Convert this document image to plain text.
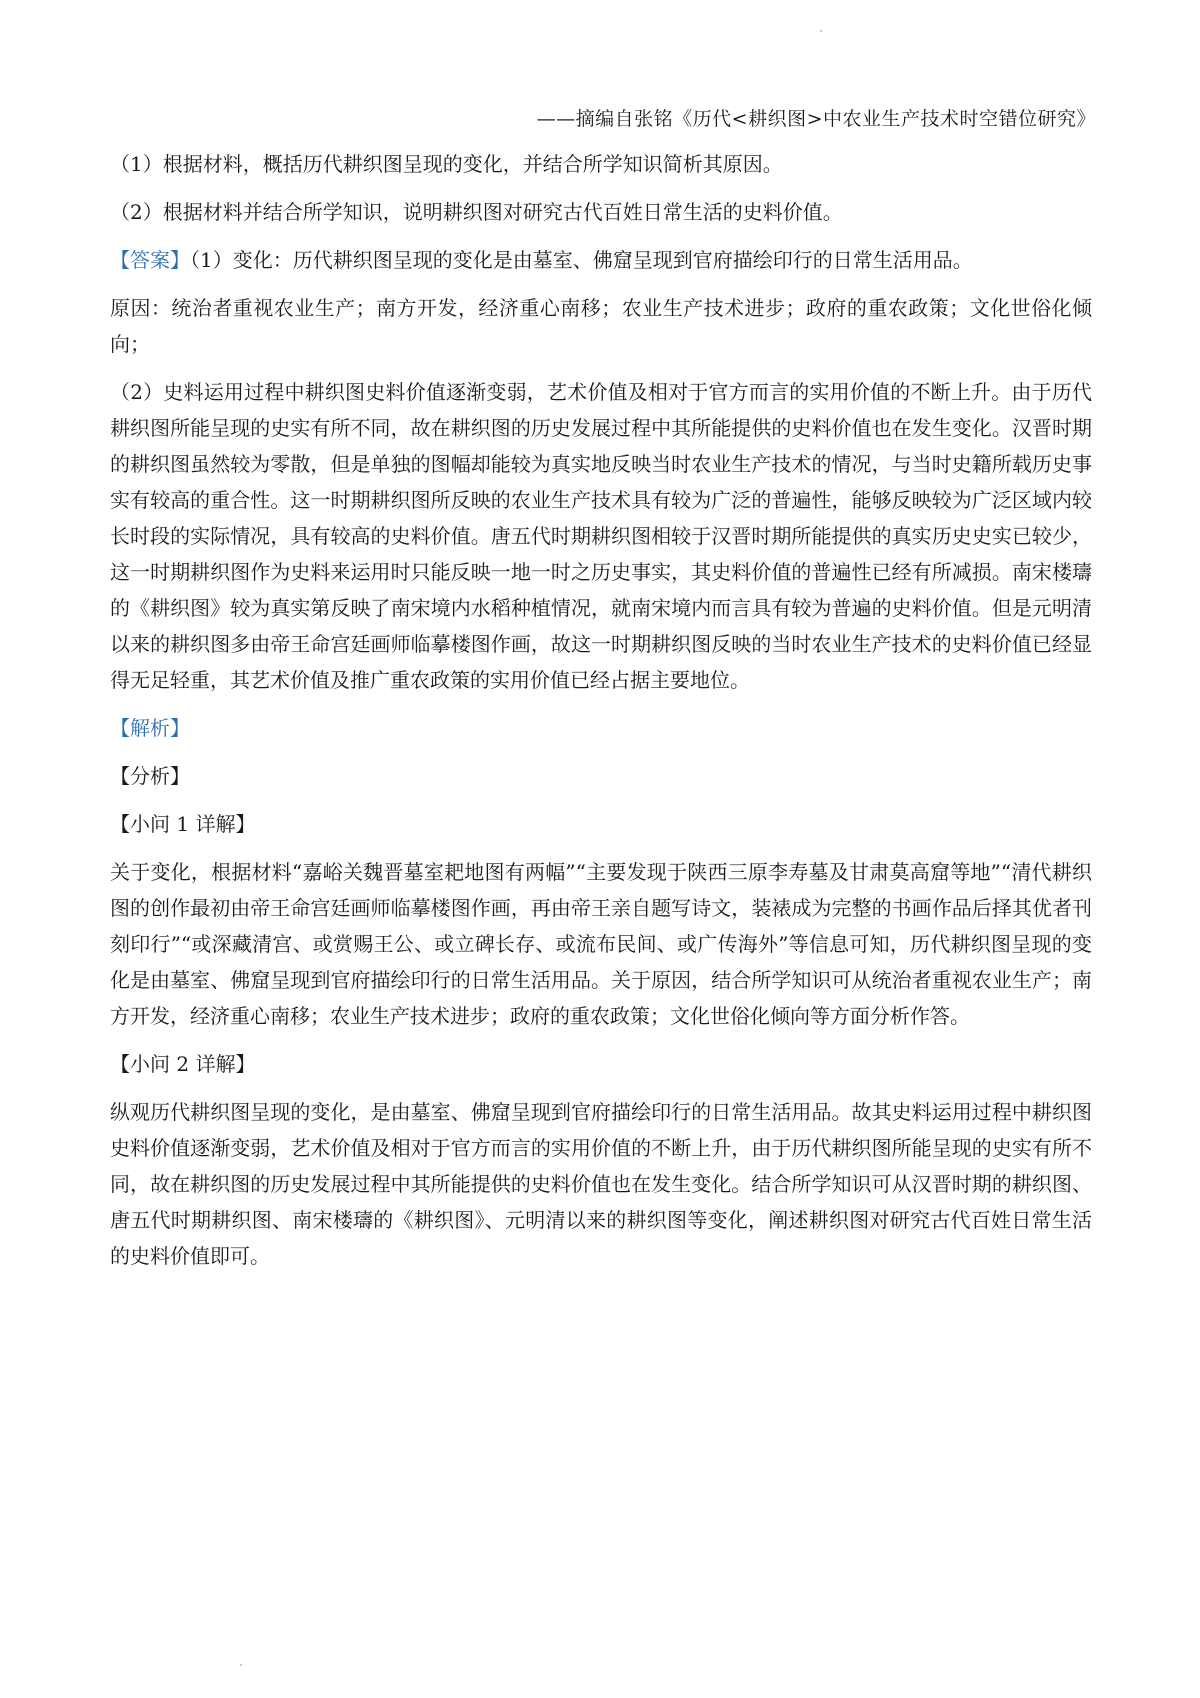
——摘编自张铭《历代<耕织图>中农业生产技术时空错位研究》

（1）根据材料，概括历代耕织图呈现的变化，并结合所学知识简析其原因。

（2）根据材料并结合所学知识，说明耕织图对研究古代百姓日常生活的史料价值。

【答案】（1）变化：历代耕织图呈现的变化是由墓室、佛窟呈现到官府描绘印行的日常生活用品。

原因：统治者重视农业生产；南方开发，经济重心南移；农业生产技术进步；政府的重农政策；文化世俗化倾向；

（2）史料运用过程中耕织图史料价值逐渐变弱，艺术价值及相对于官方而言的实用价值的不断上升。由于历代耕织图所能呈现的史实有所不同，故在耕织图的历史发展过程中其所能提供的史料价值也在发生变化。汉晋时期的耕织图虽然较为零散，但是单独的图幅却能较为真实地反映当时农业生产技术的情况，与当时史籍所载历史事实有较高的重合性。这一时期耕织图所反映的农业生产技术具有较为广泛的普遍性，能够反映较为广泛区域内较长时段的实际情况，具有较高的史料价值。唐五代时期耕织图相较于汉晋时期所能提供的真实历史史实已较少，这一时期耕织图作为史料来运用时只能反映一地一时之历史事实，其史料价值的普遍性已经有所减损。南宋楼璹的《耕织图》较为真实第反映了南宋境内水稻种植情况，就南宋境内而言具有较为普遍的史料价值。但是元明清以来的耕织图多由帝王命宫廷画师临摹楼图作画，故这一时期耕织图反映的当时农业生产技术的史料价值已经显得无足轻重，其艺术价值及推广重农政策的实用价值已经占据主要地位。

【解析】

【分析】

【小问 1 详解】

关于变化，根据材料“嘉峪关魏晋墓室耙地图有两幅”“主要发现于陕西三原李寿墓及甘肃莫高窟等地”“清代耕织图的创作最初由帝王命宫廷画师临摹楼图作画，再由帝王亲自题写诗文，装裱成为完整的书画作品后择其优者刊刻印行”“或深藏清宫、或赏赐王公、或立碑长存、或流布民间、或广传海外”等信息可知，历代耕织图呈现的变化是由墓室、佛窟呈现到官府描绘印行的日常生活用品。关于原因，结合所学知识可从统治者重视农业生产；南方开发，经济重心南移；农业生产技术进步；政府的重农政策；文化世俗化倾向等方面分析作答。

【小问 2 详解】

纵观历代耕织图呈现的变化，是由墓室、佛窟呈现到官府描绘印行的日常生活用品。故其史料运用过程中耕织图史料价值逐渐变弱，艺术价值及相对于官方而言的实用价值的不断上升，由于历代耕织图所能呈现的史实有所不同，故在耕织图的历史发展过程中其所能提供的史料价值也在发生变化。结合所学知识可从汉晋时期的耕织图、唐五代时期耕织图、南宋楼璹的《耕织图》、元明清以来的耕织图等变化，阐述耕织图对研究古代百姓日常生活的史料价值即可。
